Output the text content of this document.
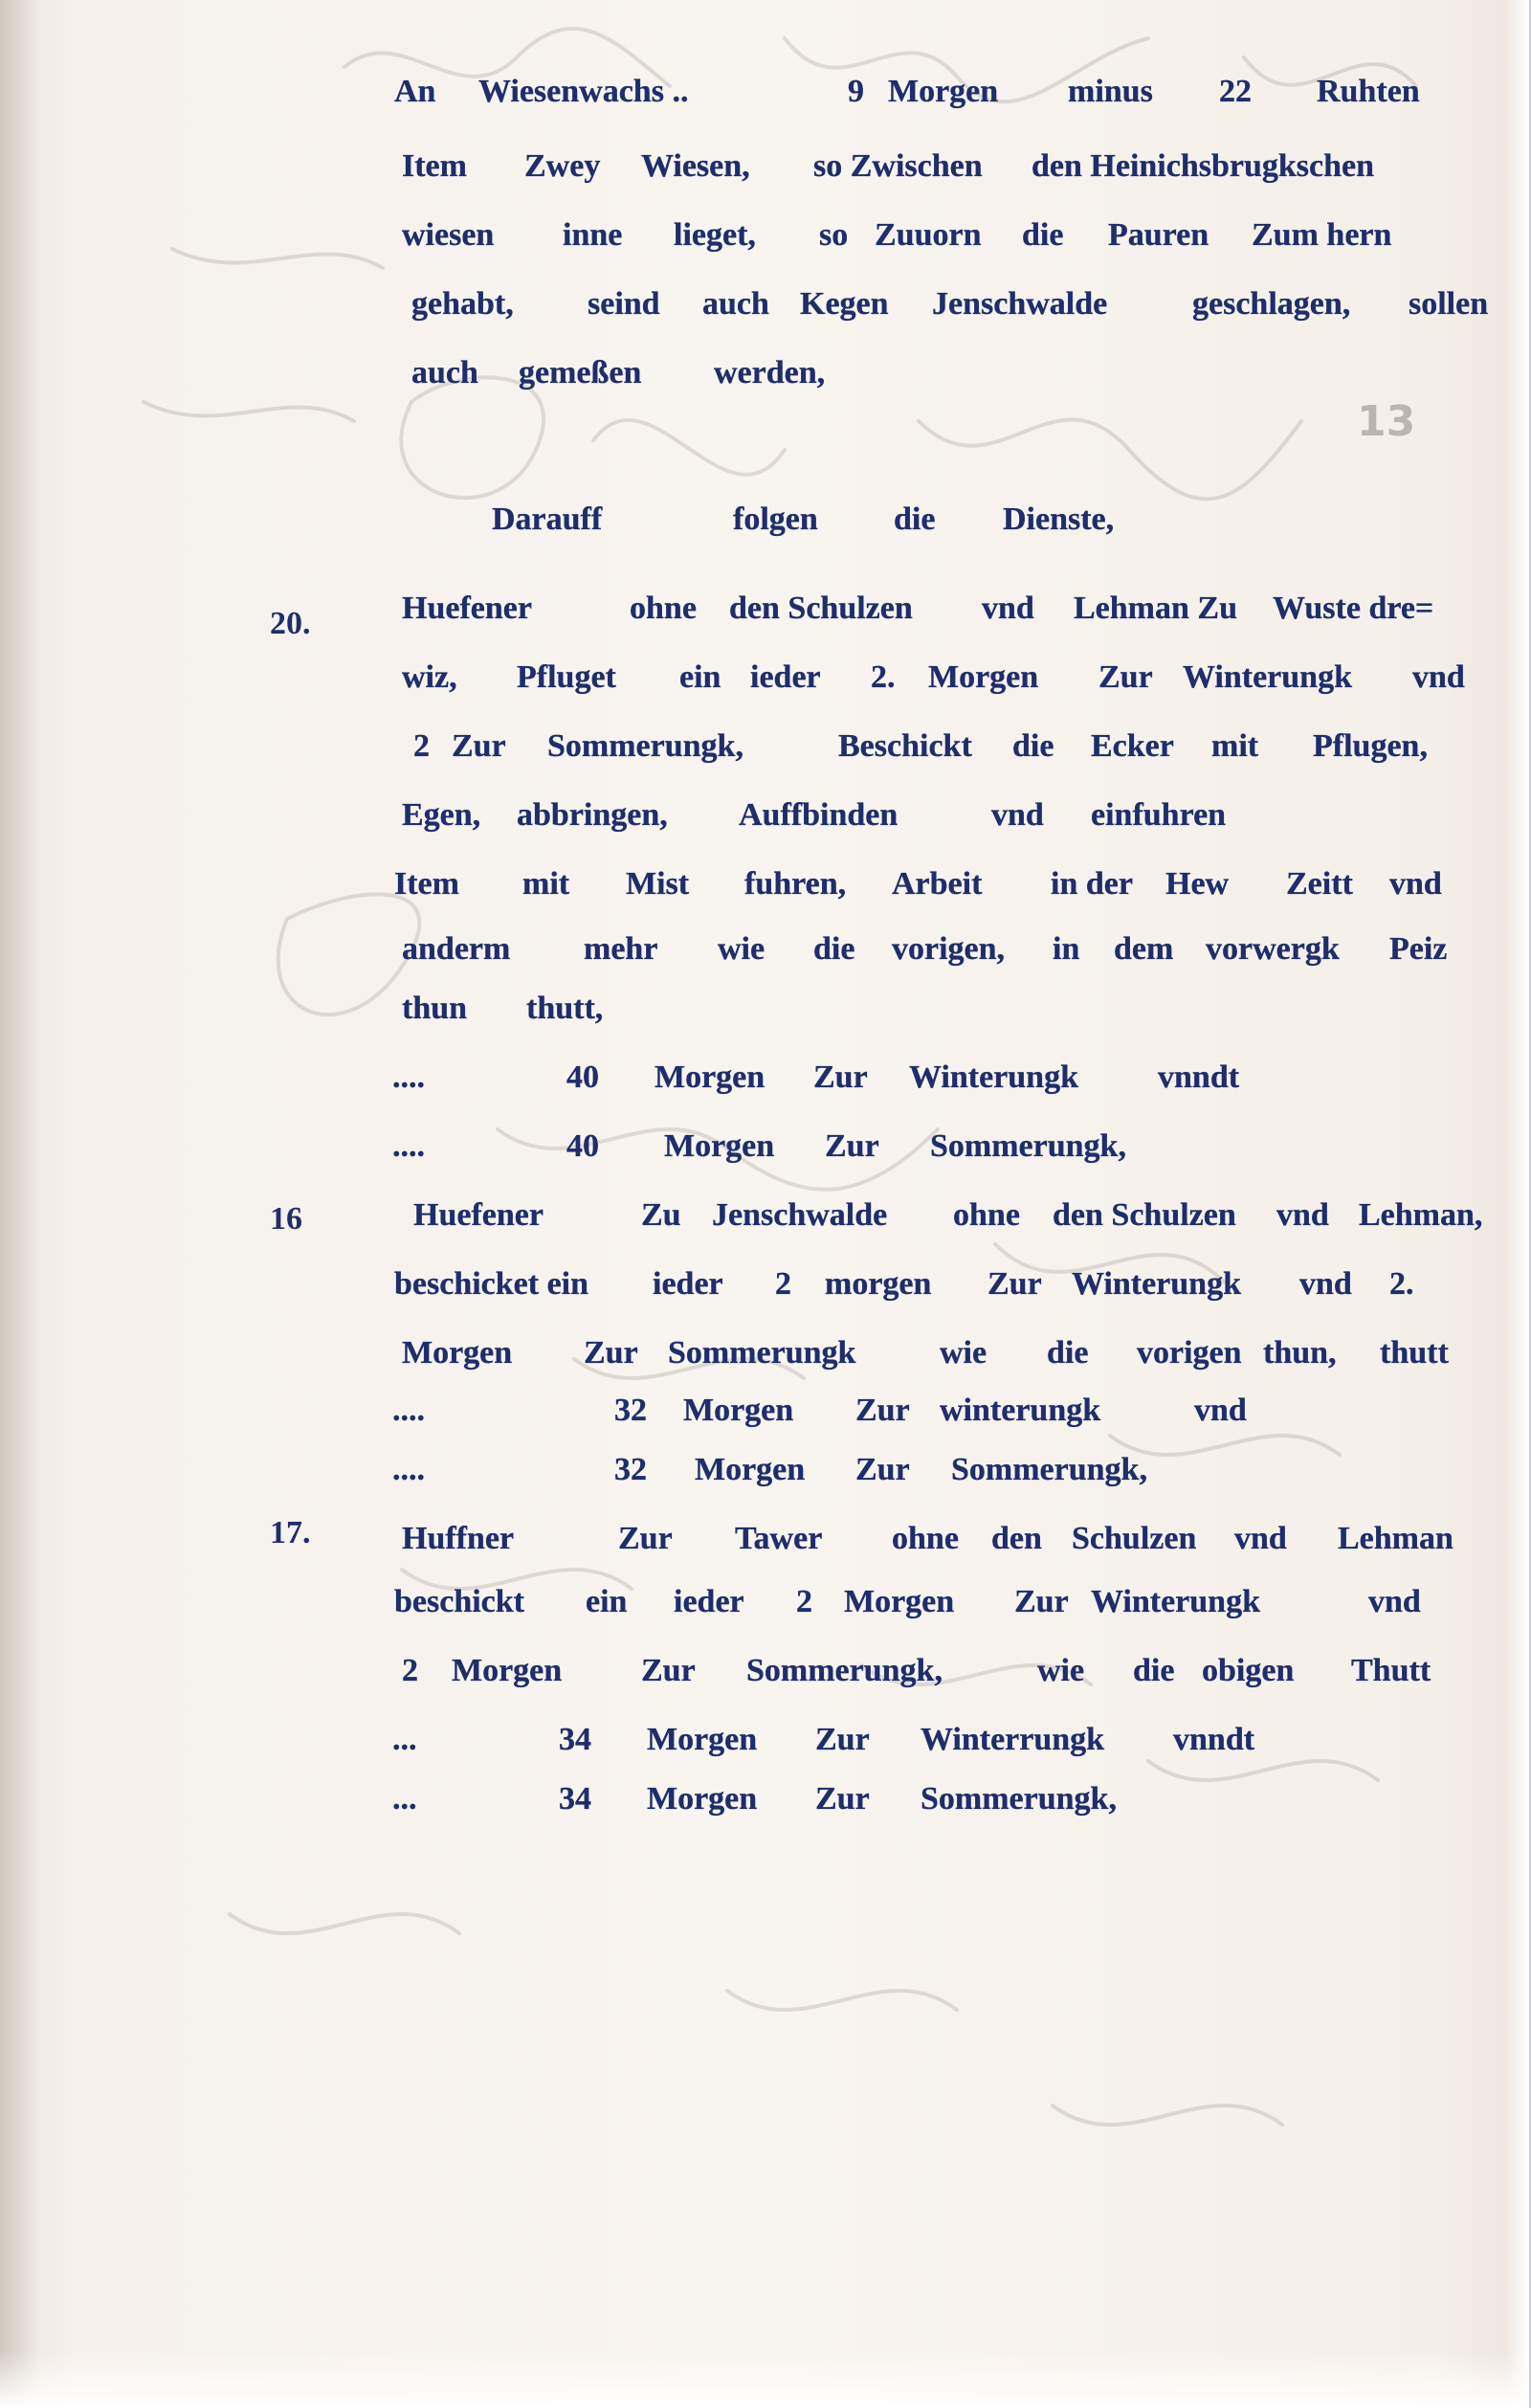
13
20.
16
17.
An Wiesenwachs ..	9 Morgen minus 22 Ruhten
Item Zwey Wiesen, so Zwischen den Heinichsbrugkschen
wiesen inne lieget, so Zuuorn die Pauren Zum hern
gehabt, seind auch Kegen Jenschwalde	geschlagen, sollen
auch gemeßen werden,
Darauff	folgen die Dienste,
Huefener	ohne den Schulzen vnd Lehman Zu Wuste dre=
wiz, Pfluget ein ieder 2. Morgen Zur Winterungk vnd
2 Zur Sommerungk,	Beschickt die Ecker mit Pflugen,
Egen, abbringen, Auffbinden	vnd einfuhren
Item mit Mist fuhren, Arbeit in der Hew Zeitt vnd
anderm mehr wie die vorigen, in dem vorwergk Peiz
thun thutt,
....	40 Morgen Zur Winterungk vnndt
....	40 Morgen Zur Sommerungk,
Huefener	Zu Jenschwalde ohne den Schulzen vnd Lehman,
beschicket ein ieder 2 morgen Zur Winterungk vnd 2.
Morgen Zur Sommerungk	wie die vorigen thun, thutt
....	32 Morgen Zur winterungk	vnd
....	32 Morgen Zur Sommerungk,
Huffner	Zur Tawer ohne den Schulzen vnd Lehman
beschickt ein ieder 2 Morgen Zur Winterungk	vnd
2 Morgen Zur Sommerungk,	wie die obigen Thutt
...	34 Morgen Zur Winterrungk vnndt
...	34 Morgen Zur Sommerungk,
